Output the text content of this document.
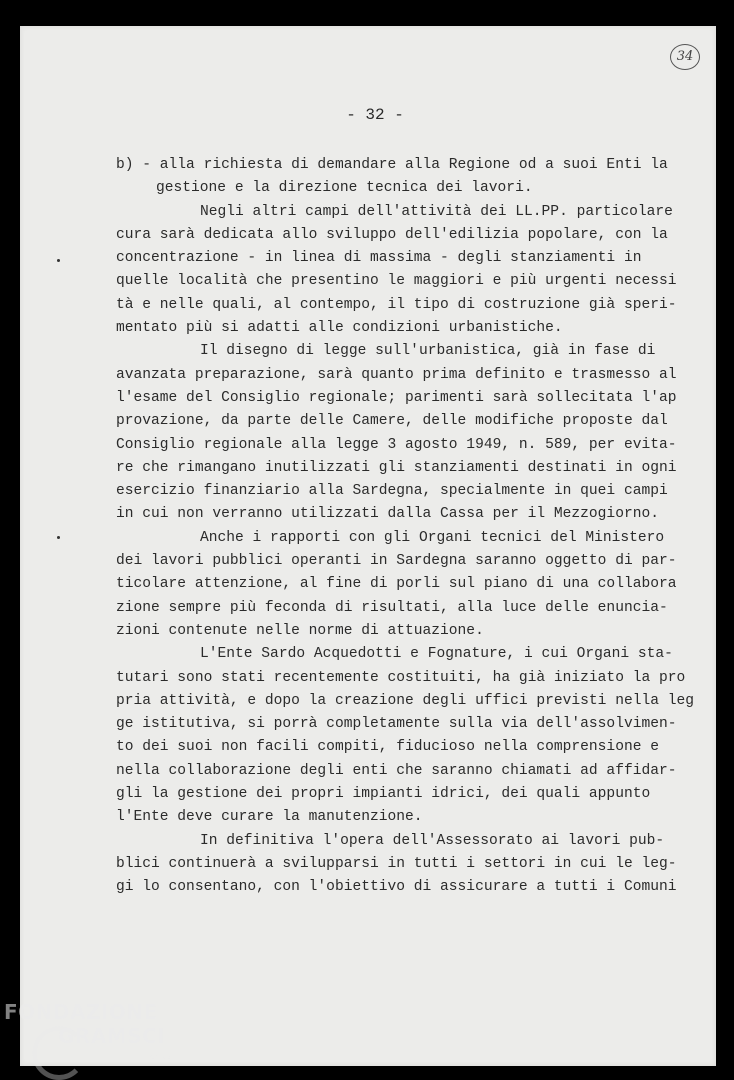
34
- 32 -
b) - alla richiesta di demandare alla Regione od a suoi Enti la
gestione e la direzione tecnica dei lavori.
Negli altri campi dell'attività dei LL.PP. particolare
cura sarà dedicata allo sviluppo dell'edilizia popolare, con la
concentrazione - in linea di massima - degli stanziamenti in
quelle località che presentino le maggiori e più urgenti necessi
tà e nelle quali, al contempo, il tipo di costruzione già speri-
mentato più si adatti alle condizioni urbanistiche.
Il disegno di legge sull'urbanistica, già in fase di
avanzata preparazione, sarà quanto prima definito e trasmesso al
l'esame del Consiglio regionale; parimenti sarà sollecitata l'ap
provazione, da parte delle Camere, delle modifiche proposte dal
Consiglio regionale alla legge 3 agosto 1949, n. 589, per evita-
re che rimangano inutilizzati gli stanziamenti destinati in ogni
esercizio finanziario alla Sardegna, specialmente in quei campi
in cui non verranno utilizzati dalla Cassa per il Mezzogiorno.
Anche i rapporti con gli Organi tecnici del Ministero
dei lavori pubblici operanti in Sardegna saranno oggetto di par-
ticolare attenzione, al fine di porli sul piano di una collabora
zione sempre più feconda di risultati, alla luce delle enuncia-
zioni contenute nelle norme di attuazione.
L'Ente Sardo Acquedotti e Fognature, i cui Organi sta-
tutari sono stati recentemente costituiti, ha già iniziato la pro
pria attività, e dopo la creazione degli uffici previsti nella leg
ge istitutiva, si porrà completamente sulla via dell'assolvimen-
to dei suoi non facili compiti, fiducioso nella comprensione e
nella collaborazione degli enti che saranno chiamati ad affidar-
gli la gestione dei propri impianti idrici, dei quali appunto
l'Ente deve curare la manutenzione.
In definitiva l'opera dell'Assessorato ai lavori pub-
blici continuerà a svilupparsi in tutti i settori in cui le leg-
gi lo consentano, con l'obiettivo di assicurare a tutti i Comuni
FONDAZIONE
GRAMSCI
onlus
